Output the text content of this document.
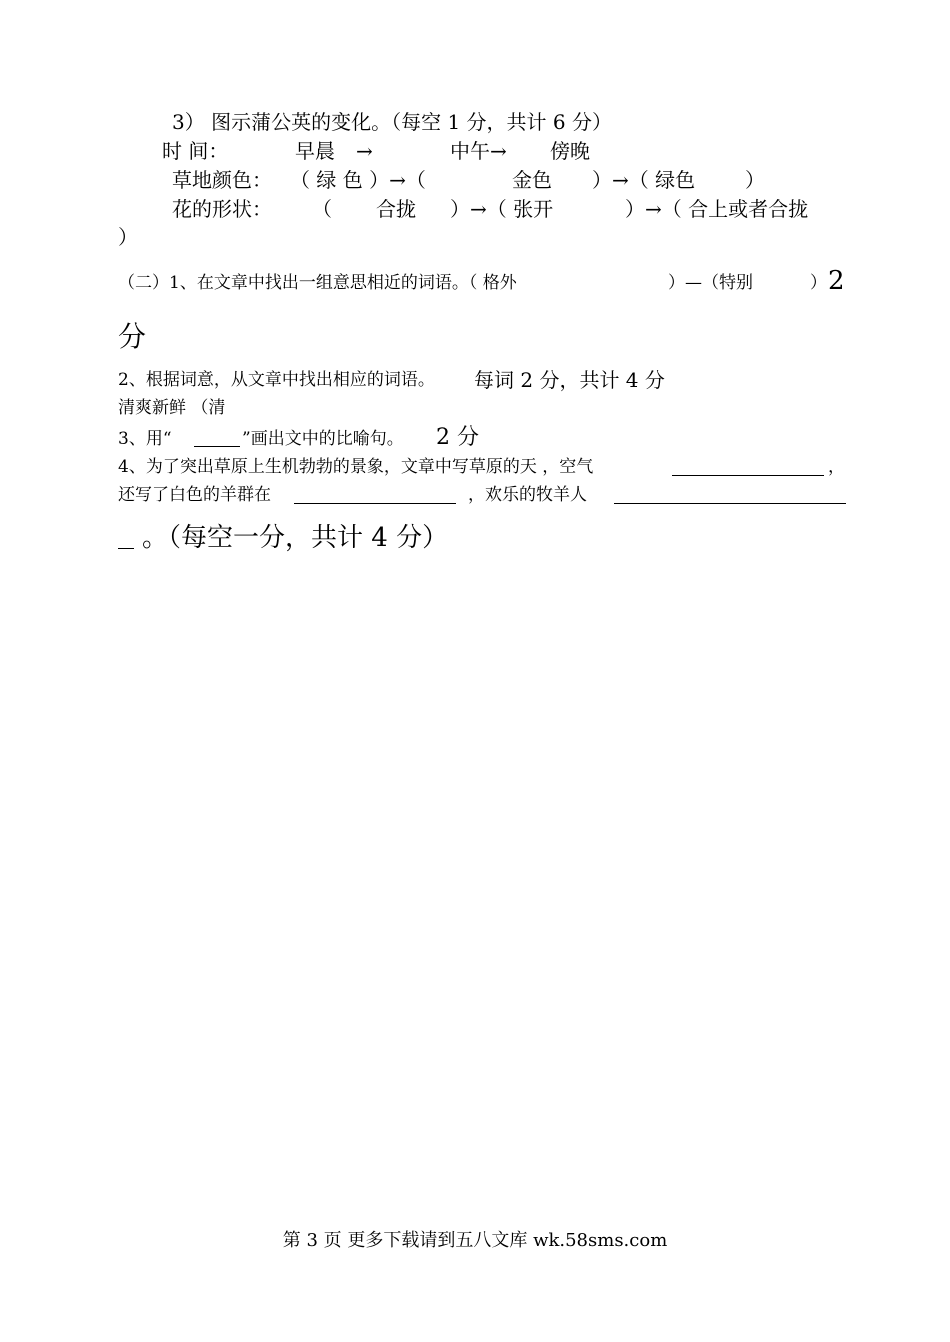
3） 图示蒲公英的变化。（每空 1 分，共计 6 分）
时 间：	早晨 →	中午→ 傍晚
草地颜色： （ 绿 色 ）→（	金色 ）→（ 绿色 ）
花的形状： （ 合拢 ）→（ 张开	）→（ 合上或者合拢
）
（二）1、在文章中找出一组意思相近的词语。（ 格外	）—（特别	） 2
分
2、根据词意，从文章中找出相应的词语。 每词 2 分，共计 4 分
清爽新鲜 （清
3、用“	”画出文中的比喻句。 2 分
4、为了突出草原上生机勃勃的景象，文章中写草原的天 ，空气	，
还写了白色的羊群在	，欢乐的牧羊人
。（每空一分，共计 4 分）
第 3 页 更多下载请到五八文库 wk.58sms.com
